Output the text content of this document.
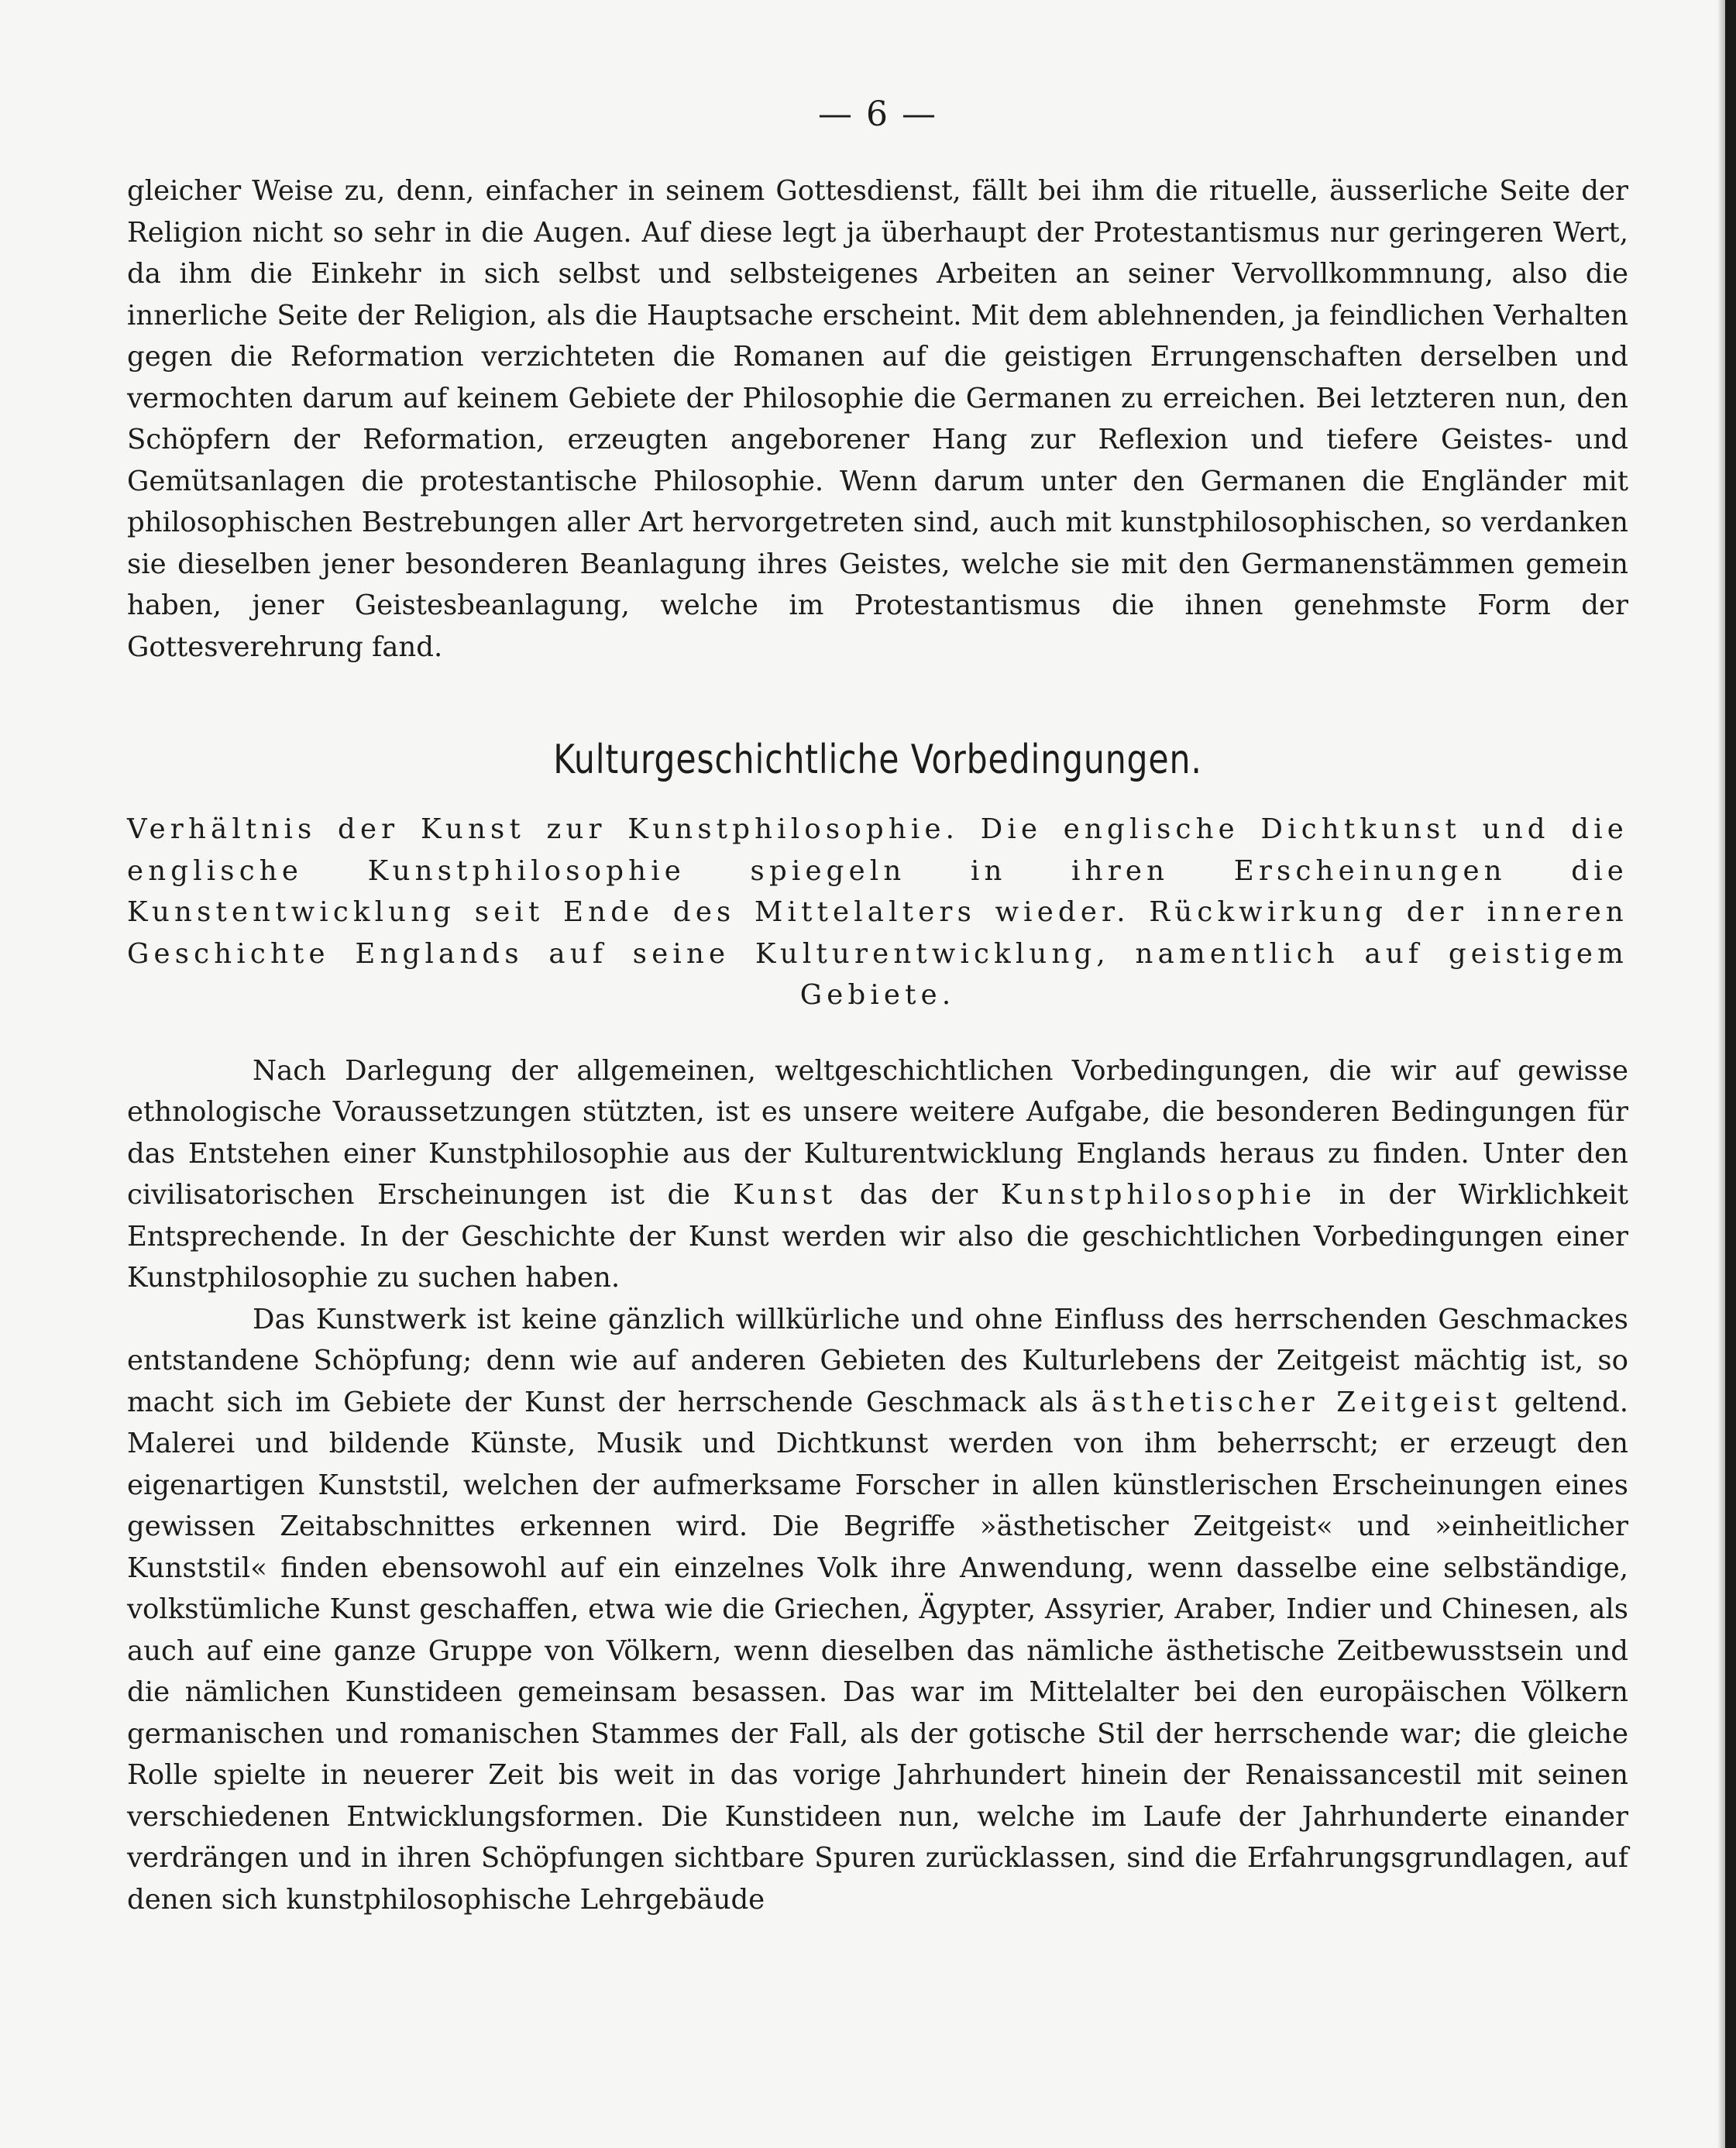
— 6 —

gleicher Weise zu, denn, einfacher in seinem Gottesdienst, fällt bei ihm die rituelle, äusserliche Seite der Religion nicht so sehr in die Augen. Auf diese legt ja überhaupt der Protestantismus nur geringeren Wert, da ihm die Einkehr in sich selbst und selbsteigenes Arbeiten an seiner Vervollkommnung, also die innerliche Seite der Religion, als die Hauptsache erscheint. Mit dem ablehnenden, ja feindlichen Verhalten gegen die Reformation verzichteten die Romanen auf die geistigen Errungenschaften derselben und vermochten darum auf keinem Gebiete der Philosophie die Germanen zu erreichen. Bei letzteren nun, den Schöpfern der Reformation, erzeugten angeborener Hang zur Reflexion und tiefere Geistes- und Gemütsanlagen die protestantische Philosophie. Wenn darum unter den Germanen die Engländer mit philosophischen Bestrebungen aller Art hervorgetreten sind, auch mit kunstphilosophischen, so verdanken sie dieselben jener besonderen Beanlagung ihres Geistes, welche sie mit den Germanenstämmen gemein haben, jener Geistesbeanlagung, welche im Protestantismus die ihnen genehmste Form der Gottesverehrung fand.

Kulturgeschichtliche Vorbedingungen.

Verhältnis der Kunst zur Kunstphilosophie. Die englische Dichtkunst und die englische Kunstphilosophie spiegeln in ihren Erscheinungen die Kunstentwicklung seit Ende des Mittelalters wieder. Rückwirkung der inneren Geschichte Englands auf seine Kulturentwicklung, namentlich auf geistigem Gebiete.

Nach Darlegung der allgemeinen, weltgeschichtlichen Vorbedingungen, die wir auf gewisse ethnologische Voraussetzungen stützten, ist es unsere weitere Aufgabe, die besonderen Bedingungen für das Entstehen einer Kunstphilosophie aus der Kulturentwicklung Englands heraus zu finden. Unter den civilisatorischen Erscheinungen ist die Kunst das der Kunstphilosophie in der Wirklichkeit Entsprechende. In der Geschichte der Kunst werden wir also die geschichtlichen Vorbedingungen einer Kunstphilosophie zu suchen haben.

Das Kunstwerk ist keine gänzlich willkürliche und ohne Einfluss des herrschenden Geschmackes entstandene Schöpfung; denn wie auf anderen Gebieten des Kulturlebens der Zeitgeist mächtig ist, so macht sich im Gebiete der Kunst der herrschende Geschmack als ästhetischer Zeitgeist geltend. Malerei und bildende Künste, Musik und Dichtkunst werden von ihm beherrscht; er erzeugt den eigenartigen Kunststil, welchen der aufmerksame Forscher in allen künstlerischen Erscheinungen eines gewissen Zeitabschnittes erkennen wird. Die Begriffe »ästhetischer Zeitgeist« und »einheitlicher Kunststil« finden ebensowohl auf ein einzelnes Volk ihre Anwendung, wenn dasselbe eine selbständige, volkstümliche Kunst geschaffen, etwa wie die Griechen, Ägypter, Assyrier, Araber, Indier und Chinesen, als auch auf eine ganze Gruppe von Völkern, wenn dieselben das nämliche ästhetische Zeitbewusstsein und die nämlichen Kunstideen gemeinsam besassen. Das war im Mittelalter bei den europäischen Völkern germanischen und romanischen Stammes der Fall, als der gotische Stil der herrschende war; die gleiche Rolle spielte in neuerer Zeit bis weit in das vorige Jahrhundert hinein der Renaissancestil mit seinen verschiedenen Entwicklungsformen. Die Kunstideen nun, welche im Laufe der Jahrhunderte einander verdrängen und in ihren Schöpfungen sichtbare Spuren zurücklassen, sind die Erfahrungsgrundlagen, auf denen sich kunstphilosophische Lehrgebäude
